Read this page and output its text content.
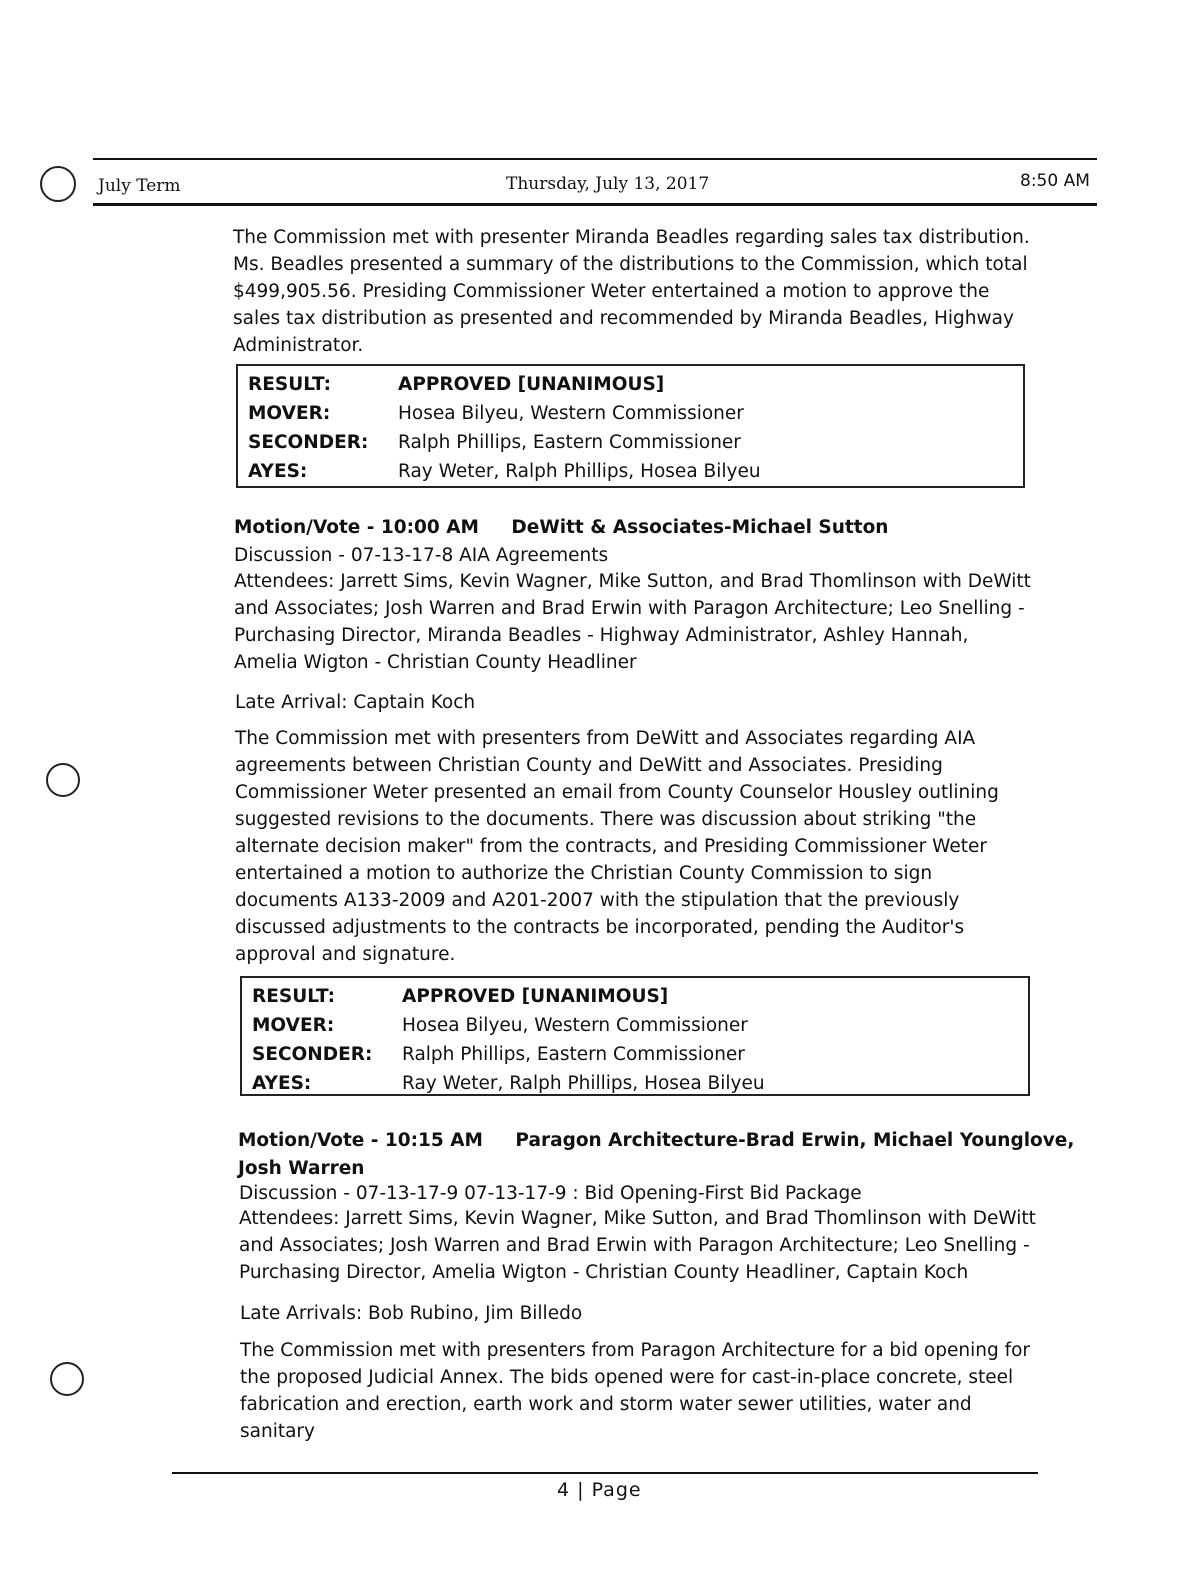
July Term	Thursday, July 13, 2017	8:50 AM
The Commission met with presenter Miranda Beadles regarding sales tax distribution. Ms. Beadles presented a summary of the distributions to the Commission, which total $499,905.56. Presiding Commissioner Weter entertained a motion to approve the sales tax distribution as presented and recommended by Miranda Beadles, Highway Administrator.
RESULT:	APPROVED [UNANIMOUS]
MOVER:	Hosea Bilyeu, Western Commissioner
SECONDER: Ralph Phillips, Eastern Commissioner
AYES:	Ray Weter, Ralph Phillips, Hosea Bilyeu
Motion/Vote - 10:00 AM DeWitt & Associates-Michael Sutton
Discussion - 07-13-17-8 AIA Agreements
Attendees: Jarrett Sims, Kevin Wagner, Mike Sutton, and Brad Thomlinson with DeWitt and Associates; Josh Warren and Brad Erwin with Paragon Architecture; Leo Snelling - Purchasing Director, Miranda Beadles - Highway Administrator, Ashley Hannah, Amelia Wigton - Christian County Headliner
Late Arrival: Captain Koch
The Commission met with presenters from DeWitt and Associates regarding AIA agreements between Christian County and DeWitt and Associates. Presiding Commissioner Weter presented an email from County Counselor Housley outlining suggested revisions to the documents. There was discussion about striking "the alternate decision maker" from the contracts, and Presiding Commissioner Weter entertained a motion to authorize the Christian County Commission to sign documents A133-2009 and A201-2007 with the stipulation that the previously discussed adjustments to the contracts be incorporated, pending the Auditor's approval and signature.
RESULT:	APPROVED [UNANIMOUS]
MOVER:	Hosea Bilyeu, Western Commissioner
SECONDER: Ralph Phillips, Eastern Commissioner
AYES:	Ray Weter, Ralph Phillips, Hosea Bilyeu
Motion/Vote - 10:15 AM Paragon Architecture-Brad Erwin, Michael Younglove,
Josh Warren
Discussion - 07-13-17-9 07-13-17-9 : Bid Opening-First Bid Package
Attendees: Jarrett Sims, Kevin Wagner, Mike Sutton, and Brad Thomlinson with DeWitt and Associates; Josh Warren and Brad Erwin with Paragon Architecture; Leo Snelling - Purchasing Director, Amelia Wigton - Christian County Headliner, Captain Koch
Late Arrivals: Bob Rubino, Jim Billedo
The Commission met with presenters from Paragon Architecture for a bid opening for the proposed Judicial Annex. The bids opened were for cast-in-place concrete, steel fabrication and erection, earth work and storm water sewer utilities, water and sanitary
4 | Page
